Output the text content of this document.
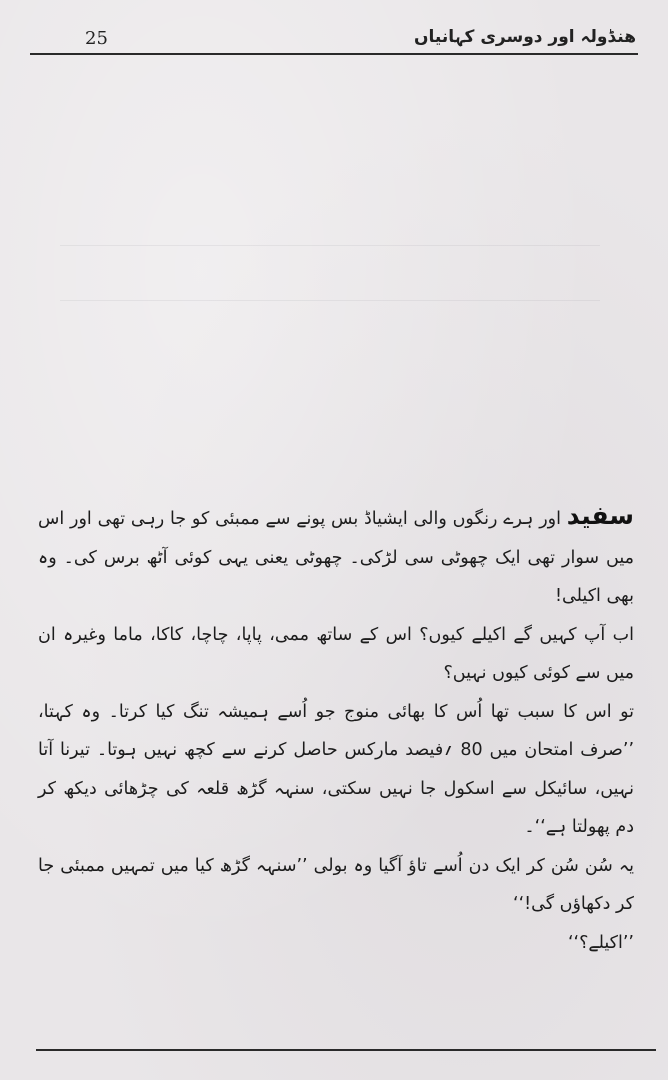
25	ھنڈولہ اور دوسری کہانیاں

سفید اور ہرے رنگوں والی ایشیاڈ بس پونے سے ممبئی کو جا رہی تھی اور اس میں سوار تھی ایک چھوٹی سی لڑکی۔ چھوٹی یعنی یہی کوئی آٹھ برس کی۔ وہ بھی اکیلی!

اب آپ کہیں گے اکیلے کیوں؟ اس کے ساتھ ممی، پاپا، چاچا، کاکا، ماما وغیرہ ان میں سے کوئی کیوں نہیں؟

تو اس کا سبب تھا اُس کا بھائی منوج جو اُسے ہمیشہ تنگ کیا کرتا۔ وہ کہتا، ’’صرف امتحان میں 80 ؍فیصد مارکس حاصل کرنے سے کچھ نہیں ہوتا۔ تیرنا آتا نہیں، سائیکل سے اسکول جا نہیں سکتی، سنہہ گڑھ قلعہ کی چڑھائی دیکھ کر دم پھولتا ہے‘‘۔

یہ سُن سُن کر ایک دن اُسے تاؤ آگیا وہ بولی ’’سنہہ گڑھ کیا میں تمہیں ممبئی جا کر دکھاؤں گی!‘‘

’’اکیلے؟‘‘
